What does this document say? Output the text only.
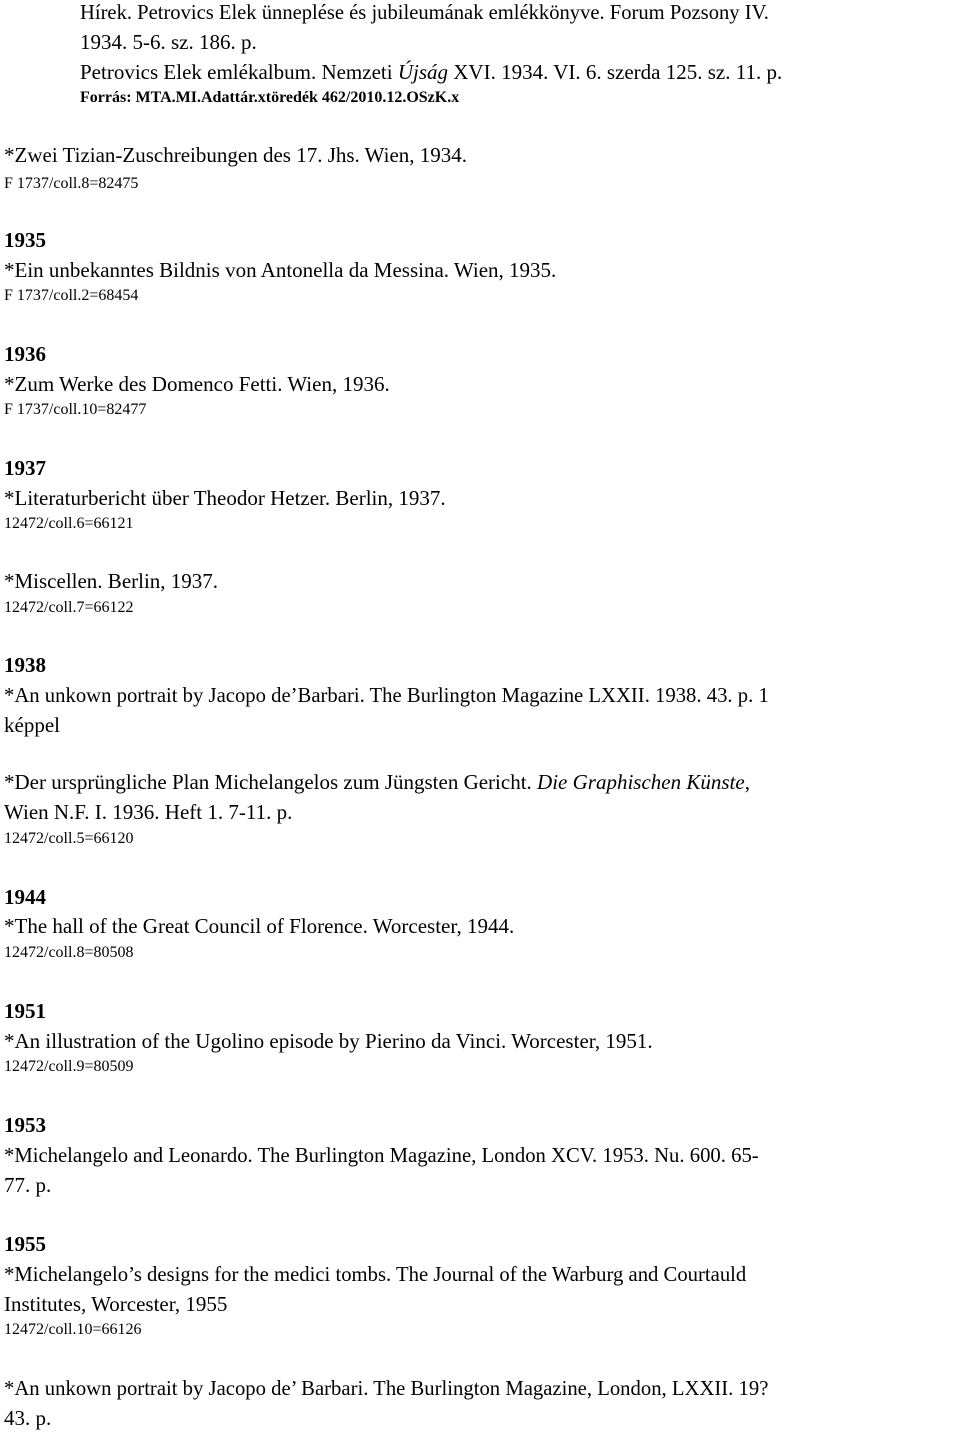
Hírek. Petrovics Elek ünneplése és jubileumának emlékkönyve. Forum Pozsony IV.
1934. 5-6. sz. 186. p.
Petrovics Elek emlékalbum. Nemzeti Újság XVI. 1934. VI. 6. szerda 125. sz. 11. p.
Forrás: MTA.MI.Adattár.xtöredék 462/2010.12.OSzK.x
*Zwei Tizian-Zuschreibungen des 17. Jhs. Wien, 1934.
F 1737/coll.8=82475
1935
*Ein unbekanntes Bildnis von Antonella da Messina. Wien, 1935.
F 1737/coll.2=68454
1936
*Zum Werke des Domenco Fetti. Wien, 1936.
F 1737/coll.10=82477
1937
*Literaturbericht über Theodor Hetzer. Berlin, 1937.
12472/coll.6=66121
*Miscellen. Berlin, 1937.
12472/coll.7=66122
1938
*An unkown portrait by Jacopo de’Barbari. The Burlington Magazine LXXII. 1938. 43. p. 1
képpel
*Der ursprüngliche Plan Michelangelos zum Jüngsten Gericht. Die Graphischen Künste,
Wien N.F. I. 1936. Heft 1. 7-11. p.
12472/coll.5=66120
1944
*The hall of the Great Council of Florence. Worcester, 1944.
12472/coll.8=80508
1951
*An illustration of the Ugolino episode by Pierino da Vinci. Worcester, 1951.
12472/coll.9=80509
1953
*Michelangelo and Leonardo. The Burlington Magazine, London XCV. 1953. Nu. 600. 65-
77. p.
1955
*Michelangelo’s designs for the medici tombs. The Journal of the Warburg and Courtauld
Institutes, Worcester, 1955
12472/coll.10=66126
*An unkown portrait by Jacopo de’ Barbari. The Burlington Magazine, London, LXXII. 19?
43. p.
